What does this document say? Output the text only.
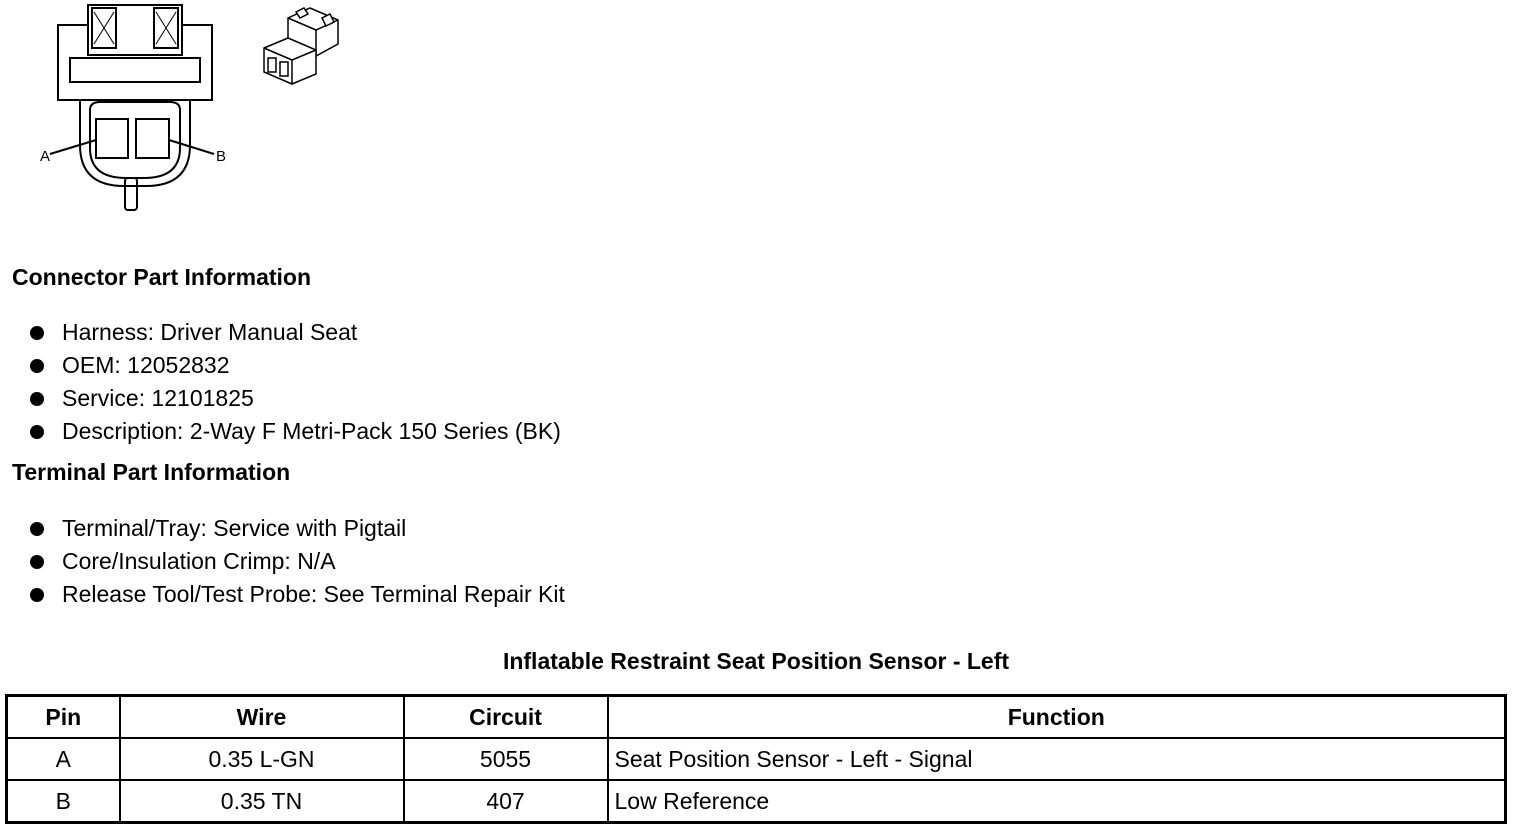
A	B
Connector Part Information
Harness: Driver Manual Seat
OEM: 12052832
Service: 12101825
Description: 2-Way F Metri-Pack 150 Series (BK)
Terminal Part Information
Terminal/Tray: Service with Pigtail
Core/Insulation Crimp: N/A
Release Tool/Test Probe: See Terminal Repair Kit
Inflatable Restraint Seat Position Sensor - Left
Pin	Wire	Circuit	Function
A	0.35 L-GN	5055	Seat Position Sensor - Left - Signal
B	0.35 TN	407	Low Reference
